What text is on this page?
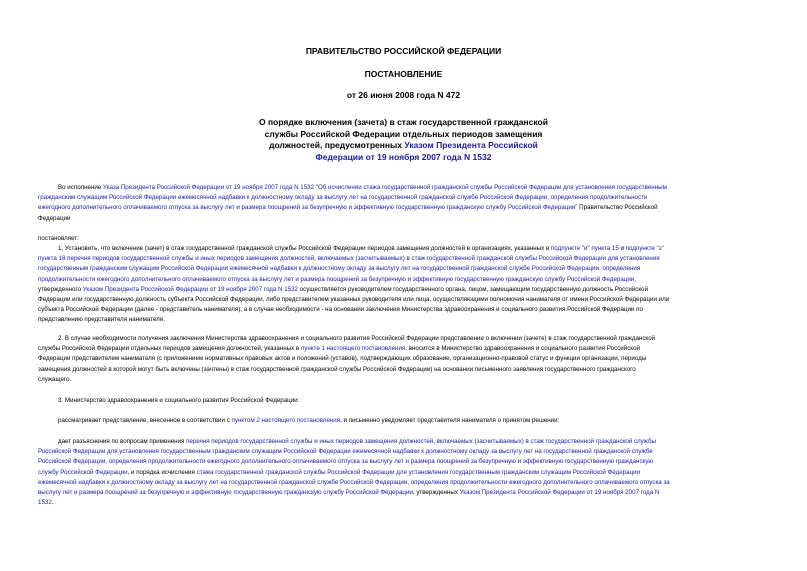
ПРАВИТЕЛЬСТВО РОССИЙСКОЙ ФЕДЕРАЦИИ
ПОСТАНОВЛЕНИЕ
от 26 июня 2008 года N 472
О порядке включения (зачета) в стаж государственной гражданской
службы Российской Федерации отдельных периодов замещения
должностей, предусмотренных Указом Президента Российской
Федерации от 19 ноября 2007 года N 1532
Во исполнение Указа Президента Российской Федерации от 19 ноября 2007 года N 1532 "Об исчислении стажа государственной гражданской службы Российской Федерации для установления государственным
гражданским служащим Российской Федерации ежемесячной надбавки к должностному окладу за выслугу лет на государственной гражданской службе Российской Федерации, определения продолжительности
ежегодного дополнительного оплачиваемого отпуска за выслугу лет и размера поощрений за безупречную и эффективную государственную гражданскую службу Российской Федерации" Правительство Российской
Федерации
постановляет:
1. Установить, что включение (зачет) в стаж государственной гражданской службы Российской Федерации периодов замещения должностей в организациях, указанных в подпункте "и" пункта 15 и подпункте "з"
пункта 18 перечня периодов государственной службы и иных периодов замещения должностей, включаемых (засчитываемых) в стаж государственной гражданской службы Российской Федерации для установления
государственным гражданским служащим Российской Федерации ежемесячной надбавки к должностному окладу за выслугу лет на государственной гражданской службе Российской Федерации, определения
продолжительности ежегодного дополнительного оплачиваемого отпуска за выслугу лет и размера поощрений за безупречную и эффективную государственную гражданскую службу Российской Федерации,
утвержденного Указом Президента Российской Федерации от 19 ноября 2007 года N 1532 осуществляется руководителем государственного органа, лицом, замещающим государственную должность Российской
Федерации или государственную должность субъекта Российской Федерации, либо представителем указанных руководителя или лица, осуществляющими полномочия нанимателя от имени Российской Федерации или
субъекта Российской Федерации (далее - представитель нанимателя), а в случае необходимости - на основании заключения Министерства здравоохранения и социального развития Российской Федерации по
представлению представителя нанимателя.
2. В случае необходимости получения заключения Министерства здравоохранения и социального развития Российской Федерации представление о включении (зачете) в стаж государственной гражданской
службы Российской Федерации отдельных периодов замещения должностей, указанных в пункте 1 настоящего постановления, вносится в Министерство здравоохранения и социального развития Российской
Федерации представителем нанимателя (с приложением нормативных правовых актов и положений (уставов), подтверждающих образование, организационно-правовой статус и функции организации, периоды
замещения должностей в которой могут быть включены (зачтены) в стаж государственной гражданской службы Российской Федерации) на основании письменного заявления государственного гражданского
служащего.
3. Министерство здравоохранения и социального развития Российской Федерации:
рассматривает представление, внесенное в соответствии с пунктом 2 настоящего постановления, и письменно уведомляет представителя нанимателя о принятом решении;
дает разъяснения по вопросам применения перечня периодов государственной службы и иных периодов замещения должностей, включаемых (засчитываемых) в стаж государственной гражданской службы
Российской Федерации для установления государственным гражданским служащим Российской Федерации ежемесячной надбавки к должностному окладу за выслугу лет на государственной гражданской службе
Российской Федерации, определения продолжительности ежегодного дополнительного оплачиваемого отпуска за выслугу лет и размера поощрений за безупречную и эффективную государственную гражданскую
службу Российской Федерации, и порядка исчисления стажа государственной гражданской службы Российской Федерации для установления государственным гражданским служащим Российской Федерации
ежемесячной надбавки к должностному окладу за выслугу лет на государственной гражданской службе Российской Федерации, определения продолжительности ежегодного дополнительного оплачиваемого отпуска за
выслугу лет и размера поощрений за безупречную и эффективную государственную гражданскую службу Российской Федерации, утвержденных Указом Президента Российской Федерации от 19 ноября 2007 года N
1532.
